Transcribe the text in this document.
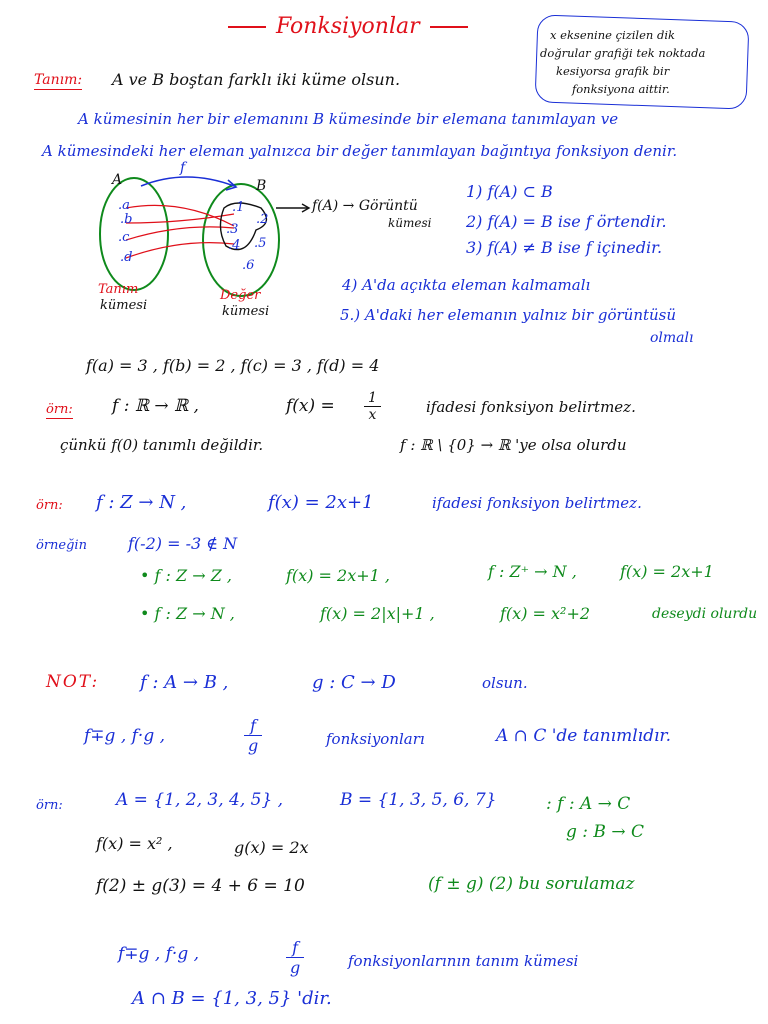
Fonksiyonlar	x eksenine çizilen dik
doğrular grafiği tek noktada
kesiyorsa grafik bir
fonksiyona aittir.
Tanım: A ve B boştan farklı iki küme olsun.
A kümesinin her bir elemanını B kümesinde bir elemana tanımlayan ve
A kümesindeki her eleman yalnızca bir değer tanımlayan bağıntıya fonksiyon denir.
A	B
f
.a
.b
.c
.d
.1
.2
.3
.4 .5
.6
f(A) → Görüntü
kümesi
Tanım
kümesi
Değer
kümesi
1) f(A) ⊂ B
2) f(A) = B ise f örtendir.
3) f(A) ≠ B ise f içinedir.
4) A'da açıkta eleman kalmamalı
5.) A'daki her elemanın yalnız bir görüntüsü
olmalı
f(a) = 3 , f(b) = 2 , f(c) = 3 , f(d) = 4
örn: f : ℝ → ℝ ,	$f(x) = \frac{1}{x}$	ifadesi fonksiyon belirtmez.
çünkü f(0) tanımlı değildir.	f : ℝ \ {0} → ℝ 'ye olsa olurdu
örn: f : Z → N ,	f(x) = 2x+1	ifadesi fonksiyon belirtmez.
örneğin	f(-2) = -3 ∉ N
• f : Z → Z ,	f(x) = 2x+1 ,	f : Z⁺ → N ,	f(x) = 2x+1
• f : Z → N ,	f(x) = 2|x|+1 ,	f(x) = x²+2	deseydi olurdu
NOT: f : A → B ,	g : C → D	olsun.
f∓g , f·g ,	$\frac{f}{g}$	fonksiyonları	A ∩ C 'de tanımlıdır.
örn:	A = {1, 2, 3, 4, 5} ,	B = {1, 3, 5, 6, 7}	: f : A → C
g : B → C
f(x) = x² ,	g(x) = 2x
f(2) ± g(3) = 4 + 6 = 10	(f ± g) (2) bu sorulamaz
f∓g , f·g ,	$\frac{f}{g}$	fonksiyonlarının tanım kümesi
A ∩ B = {1, 3, 5} 'dir.
